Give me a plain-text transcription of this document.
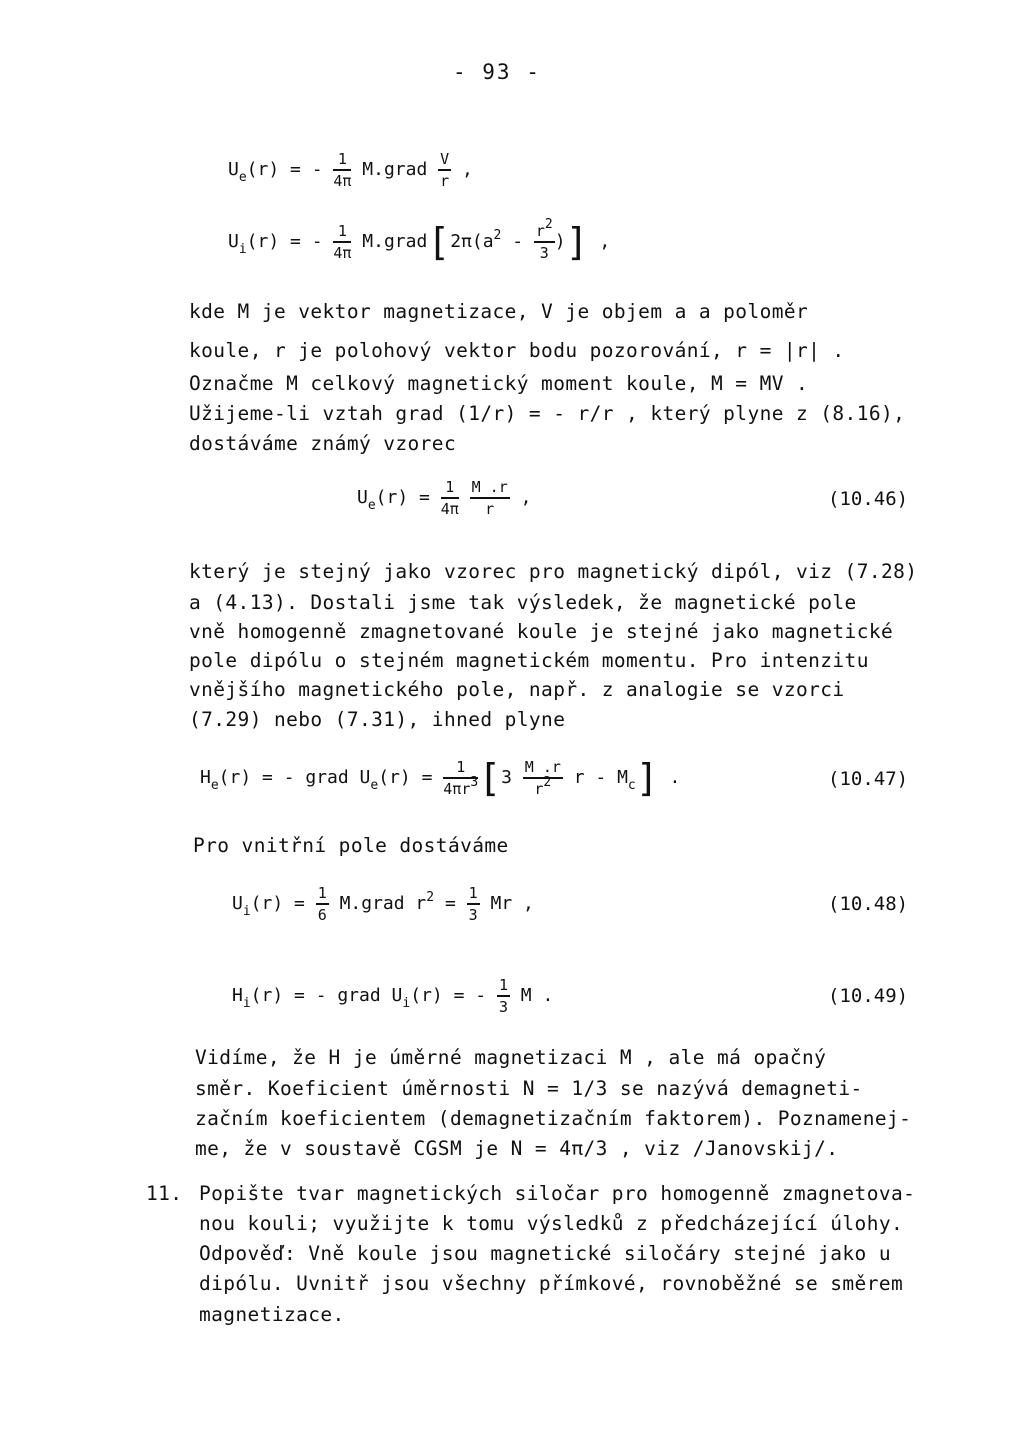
- 93 -
$U_e(r)$ = - $\frac{1}{4\pi}$ M.grad $\frac{V}{r}$ ,
$U_i(r)$ = - $\frac{1}{4\pi}$ $M.grad[2\pi(a^2 - \frac{r2}{3}$ )] ,
kde M je vektor magnetizace, V je objem a a poloměr
koule, r je polohový vektor bodu pozorování, r = |r| .
Označme M celkový magnetický moment koule, M = MV .
Užijeme-li vztah grad (1/r) = - r/r , který plyne z (8.16),
dostáváme známý vzorec
$U_e(r) = \frac{1}{4\pi}$
$\frac{M .r}{r}$ ,	(10.46)
který je stejný jako vzorec pro magnetický dipól, viz (7.28)
a (4.13). Dostali jsme tak výsledek, že magnetické pole
vně homogenně zmagnetované koule je stejné jako magnetické
pole dipólu o stejném magnetickém momentu. Pro intenzitu
vnějšího magnetického pole, např. z analogie se vzorci
(7.29) nebo (7.31), ihned plyne
$H_e(r)$ = - grad $U_e(r) = \frac{1}{4\pi r3} [3 \frac{M .r}{r2}$ r - $M_c$] .	(10.47)
Pro vnitřní pole dostáváme
$U_i(r) = \frac{1}{6}$ M.grad $r^2 = \frac{1}{3}$ Mr ,	(10.48)
$H_i(r)$ = - grad $U_i(r)$ = - $\frac{1}{3}$ M .	(10.49)
Vidíme, že H je úměrné magnetizaci M , ale má opačný
směr. Koeficient úměrnosti N = 1/3 se nazývá demagneti-
začním koeficientem (demagnetizačním faktorem). Poznamenej-
me, že v soustavě CGSM je N = 4π/3 , viz /Janovskij/.
11. Popište tvar magnetických siločar pro homogenně zmagnetova-
nou kouli; využijte k tomu výsledků z předcházející úlohy.
Odpověď: Vně koule jsou magnetické siločáry stejné jako u
dipólu. Uvnitř jsou všechny přímkové, rovnoběžné se směrem
magnetizace.
